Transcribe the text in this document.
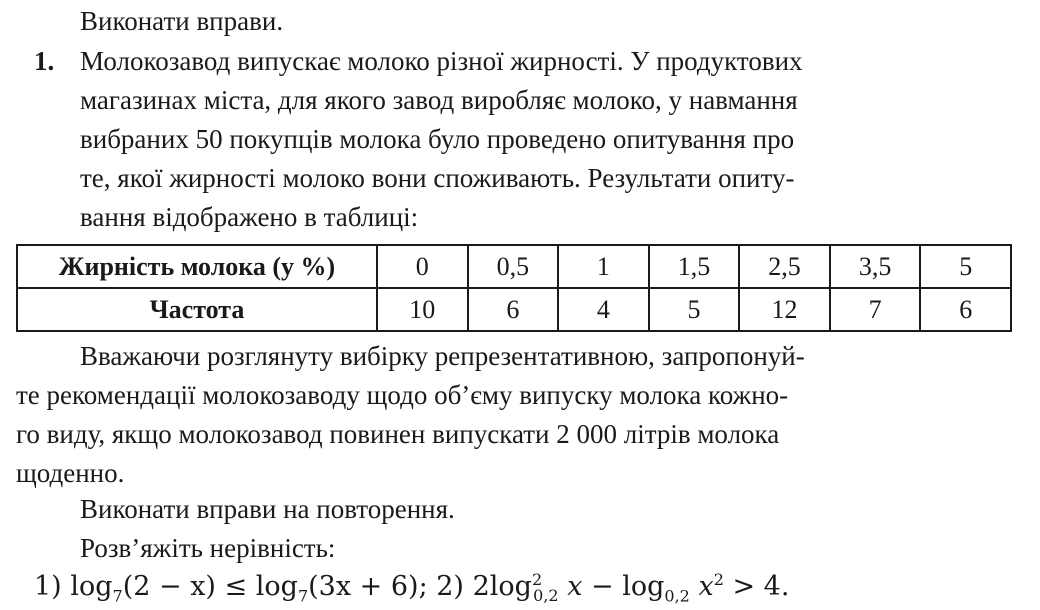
Виконати вправи.
1. Молокозавод випускає молоко різної жирності. У продуктових
магазинах міста, для якого завод виробляє молоко, у навмання
вибраних 50 покупців молока було проведено опитування про
те, якої жирності молоко вони споживають. Результати опиту-
вання відображено в таблиці:
Жирність молока (у %)	0	0,5	1	1,5	2,5	3,5	5
Частота	10	6	4	5	12	7	6
Вважаючи розглянуту вибірку репрезентативною, запропонуй-
те рекомендації молокозаводу щодо об’єму випуску молока кожно-
го виду, якщо молокозавод повинен випускати 2 000 літрів молока
щоденно.
Виконати вправи на повторення.
Розв’яжіть нерівність:
1) $\log_7(2 - x) \le \log_7(3x + 6)$; 2) $2\log^2_{0,2}$ $x - \log_{0,2} x^2 > 4$.
